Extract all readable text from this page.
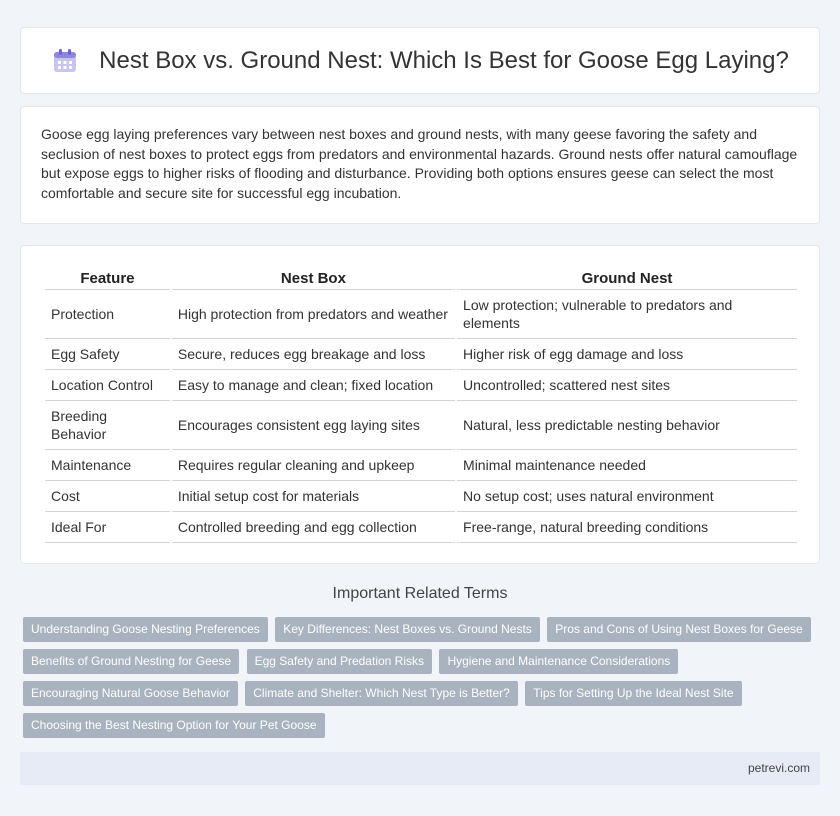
Nest Box vs. Ground Nest: Which Is Best for Goose Egg Laying?

Goose egg laying preferences vary between nest boxes and ground nests, with many geese favoring the safety and seclusion of nest boxes to protect eggs from predators and environmental hazards. Ground nests offer natural camouflage but expose eggs to higher risks of flooding and disturbance. Providing both options ensures geese can select the most comfortable and secure site for successful egg incubation.

Feature	Nest Box	Ground Nest
Protection	High protection from predators and weather	Low protection; vulnerable to predators and elements
Egg Safety	Secure, reduces egg breakage and loss	Higher risk of egg damage and loss
Location Control	Easy to manage and clean; fixed location	Uncontrolled; scattered nest sites
Breeding Behavior	Encourages consistent egg laying sites	Natural, less predictable nesting behavior
Maintenance	Requires regular cleaning and upkeep	Minimal maintenance needed
Cost	Initial setup cost for materials	No setup cost; uses natural environment
Ideal For	Controlled breeding and egg collection	Free-range, natural breeding conditions
Important Related Terms
Understanding Goose Nesting Preferences Key Differences: Nest Boxes vs. Ground Nests Pros and Cons of Using Nest Boxes for Geese
Benefits of Ground Nesting for Geese Egg Safety and Predation Risks Hygiene and Maintenance Considerations
Encouraging Natural Goose Behavior Climate and Shelter: Which Nest Type is Better? Tips for Setting Up the Ideal Nest Site
Choosing the Best Nesting Option for Your Pet Goose
petrevi.com
